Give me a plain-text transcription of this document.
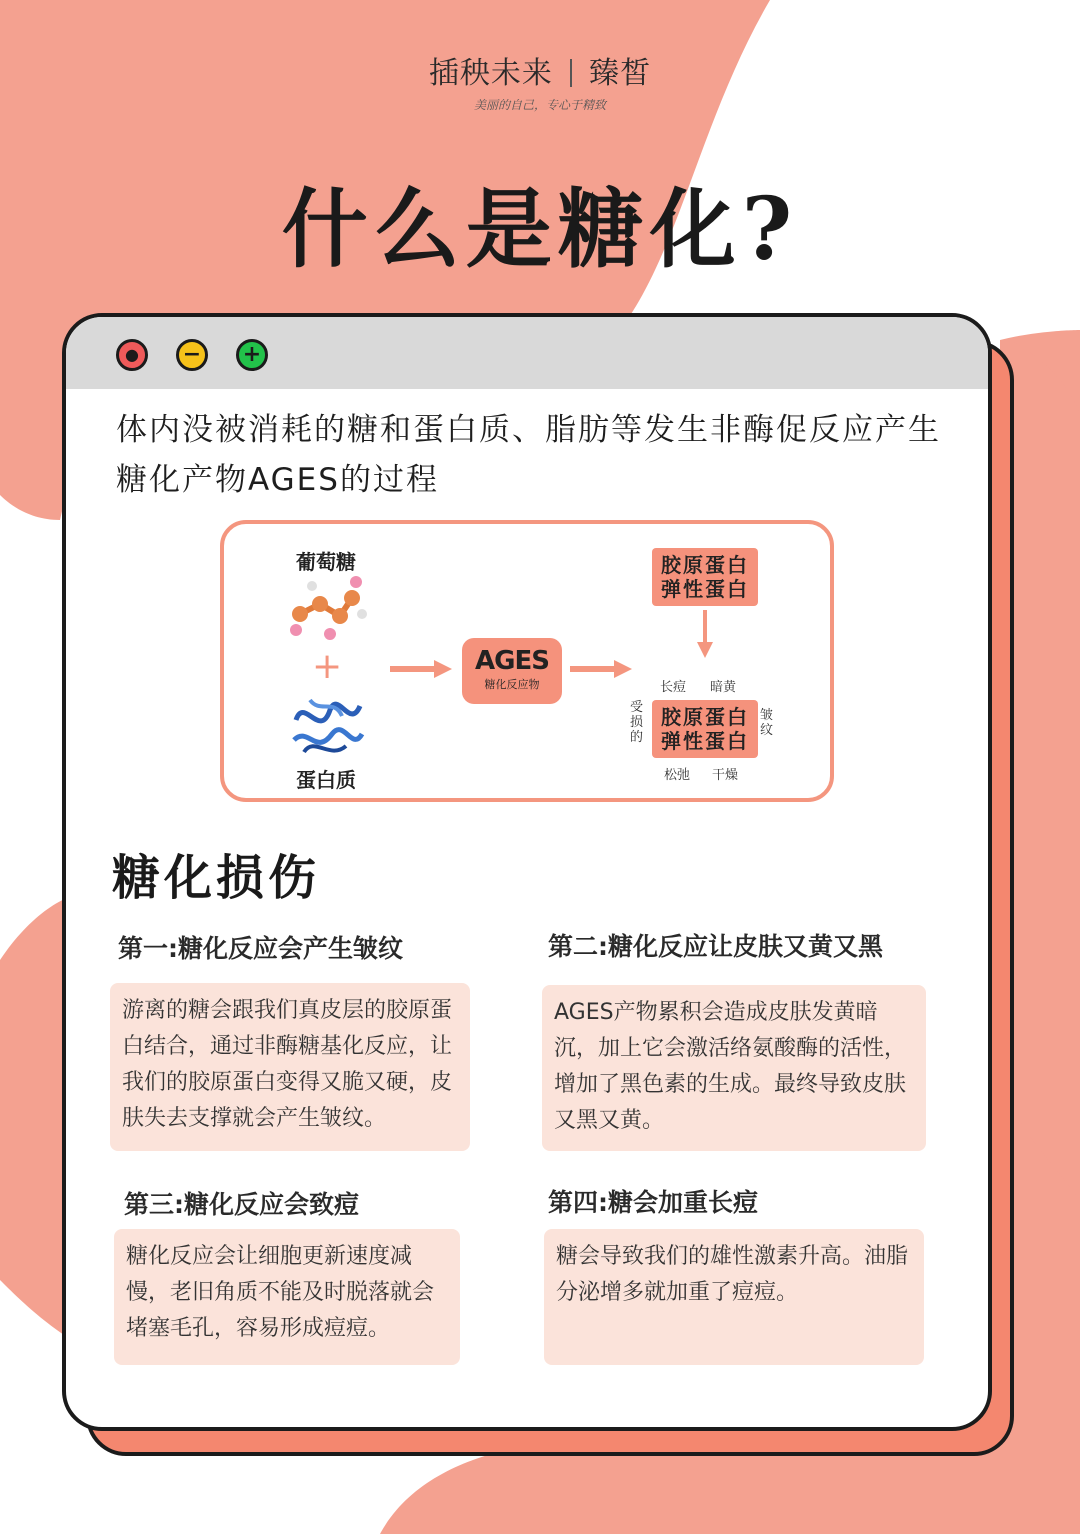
插秧未来 臻皙
美丽的自己，专心于精致
什么是糖化?
●	−	+
体内没被消耗的糖和蛋白质、脂肪等发生非酶促反应产生糖化产物AGES的过程
葡萄糖
+
蛋白质
AGES
糖化反应物
胶原蛋白
弹性蛋白
长痘 暗黄
受损的
皱纹
胶原蛋白
弹性蛋白
松弛 干燥
糖化损伤
第一:糖化反应会产生皱纹
游离的糖会跟我们真皮层的胶原蛋白结合，通过非酶糖基化反应，让我们的胶原蛋白变得又脆又硬，皮肤失去支撑就会产生皱纹。
第二:糖化反应让皮肤又黄又黑
AGES产物累积会造成皮肤发黄暗沉，加上它会激活络氨酸酶的活性，增加了黑色素的生成。最终导致皮肤又黑又黄。
第三:糖化反应会致痘
糖化反应会让细胞更新速度减慢，老旧角质不能及时脱落就会堵塞毛孔，容易形成痘痘。
第四:糖会加重长痘
糖会导致我们的雄性激素升高。油脂分泌增多就加重了痘痘。
